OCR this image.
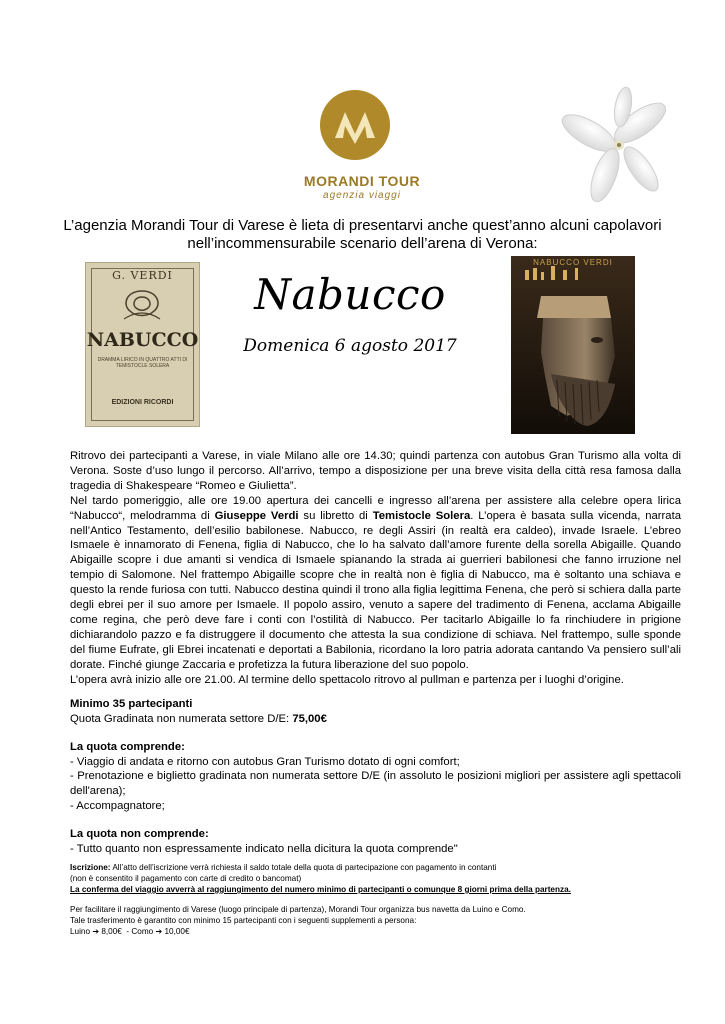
MORANDI TOUR
agenzia viaggi
L’agenzia Morandi Tour di Varese è lieta di presentarvi anche quest’anno alcuni capolavori
nell’incommensurabile scenario dell’arena di Verona:
G. VERDI
NABUCCO
DRAMMA LIRICO IN QUATTRO ATTI DI TEMISTOCLE SOLERA
EDIZIONI RICORDI
Nabucco
Domenica 6 agosto 2017
NABUCCO VERDI

Ritrovo dei partecipanti a Varese, in viale Milano alle ore 14.30; quindi partenza con autobus Gran Turismo alla volta di Verona. Soste d’uso lungo il percorso. All’arrivo, tempo a disposizione per una breve visita della città resa famosa dalla tragedia di Shakespeare “Romeo e Giulietta”.

Nel tardo pomeriggio, alle ore 19.00 apertura dei cancelli e ingresso all’arena per assistere alla celebre opera lirica “Nabucco“, melodramma di Giuseppe Verdi su libretto di Temistocle Solera. L’opera è basata sulla vicenda, narrata nell’Antico Testamento, dell’esilio babilonese. Nabucco, re degli Assiri (in realtà era caldeo), invade Israele. L’ebreo Ismaele è innamorato di Fenena, figlia di Nabucco, che lo ha salvato dall’amore furente della sorella Abigaille. Quando Abigaille scopre i due amanti si vendica di Ismaele spianando la strada ai guerrieri babilonesi che fanno irruzione nel tempio di Salomone. Nel frattempo Abigaille scopre che in realtà non è figlia di Nabucco, ma è soltanto una schiava e questo la rende furiosa con tutti. Nabucco destina quindi il trono alla figlia legittima Fenena, che però si schiera dalla parte degli ebrei per il suo amore per Ismaele. Il popolo assiro, venuto a sapere del tradimento di Fenena, acclama Abigaille come regina, che però deve fare i conti con l’ostilità di Nabucco. Per tacitarlo Abigaille lo fa rinchiudere in prigione dichiarandolo pazzo e fa distruggere il documento che attesta la sua condizione di schiava. Nel frattempo, sulle sponde del fiume Eufrate, gli Ebrei incatenati e deportati a Babilonia, ricordano la loro patria adorata cantando Va pensiero sull’ali dorate. Finché giunge Zaccaria e profetizza la futura liberazione del suo popolo.

L’opera avrà inizio alle ore 21.00. Al termine dello spettacolo ritrovo al pullman e partenza per i luoghi d’origine.

Minimo 35 partecipanti
Quota Gradinata non numerata settore D/E: 75,00€
La quota comprende:
- Viaggio di andata e ritorno con autobus Gran Turismo dotato di ogni comfort;
- Prenotazione e biglietto gradinata non numerata settore D/E (in assoluto le posizioni migliori per assistere agli spettacoli dell'arena);
- Accompagnatore;
La quota non comprende:
- Tutto quanto non espressamente indicato nella dicitura la quota comprende"
Iscrizione: All’atto dell’iscrizione verrà richiesta il saldo totale della quota di partecipazione con pagamento in contanti
(non è consentito il pagamento con carte di credito o bancomat)
La conferma del viaggio avverrà al raggiungimento del numero minimo di partecipanti o comunque 8 giorni prima della partenza.
Per facilitare il raggiungimento di Varese (luogo principale di partenza), Morandi Tour organizza bus navetta da Luino e Como.
Tale trasferimento è garantito con minimo 15 partecipanti con i seguenti supplementi a persona:
Luino ➔ 8,00€ - Como ➔ 10,00€
